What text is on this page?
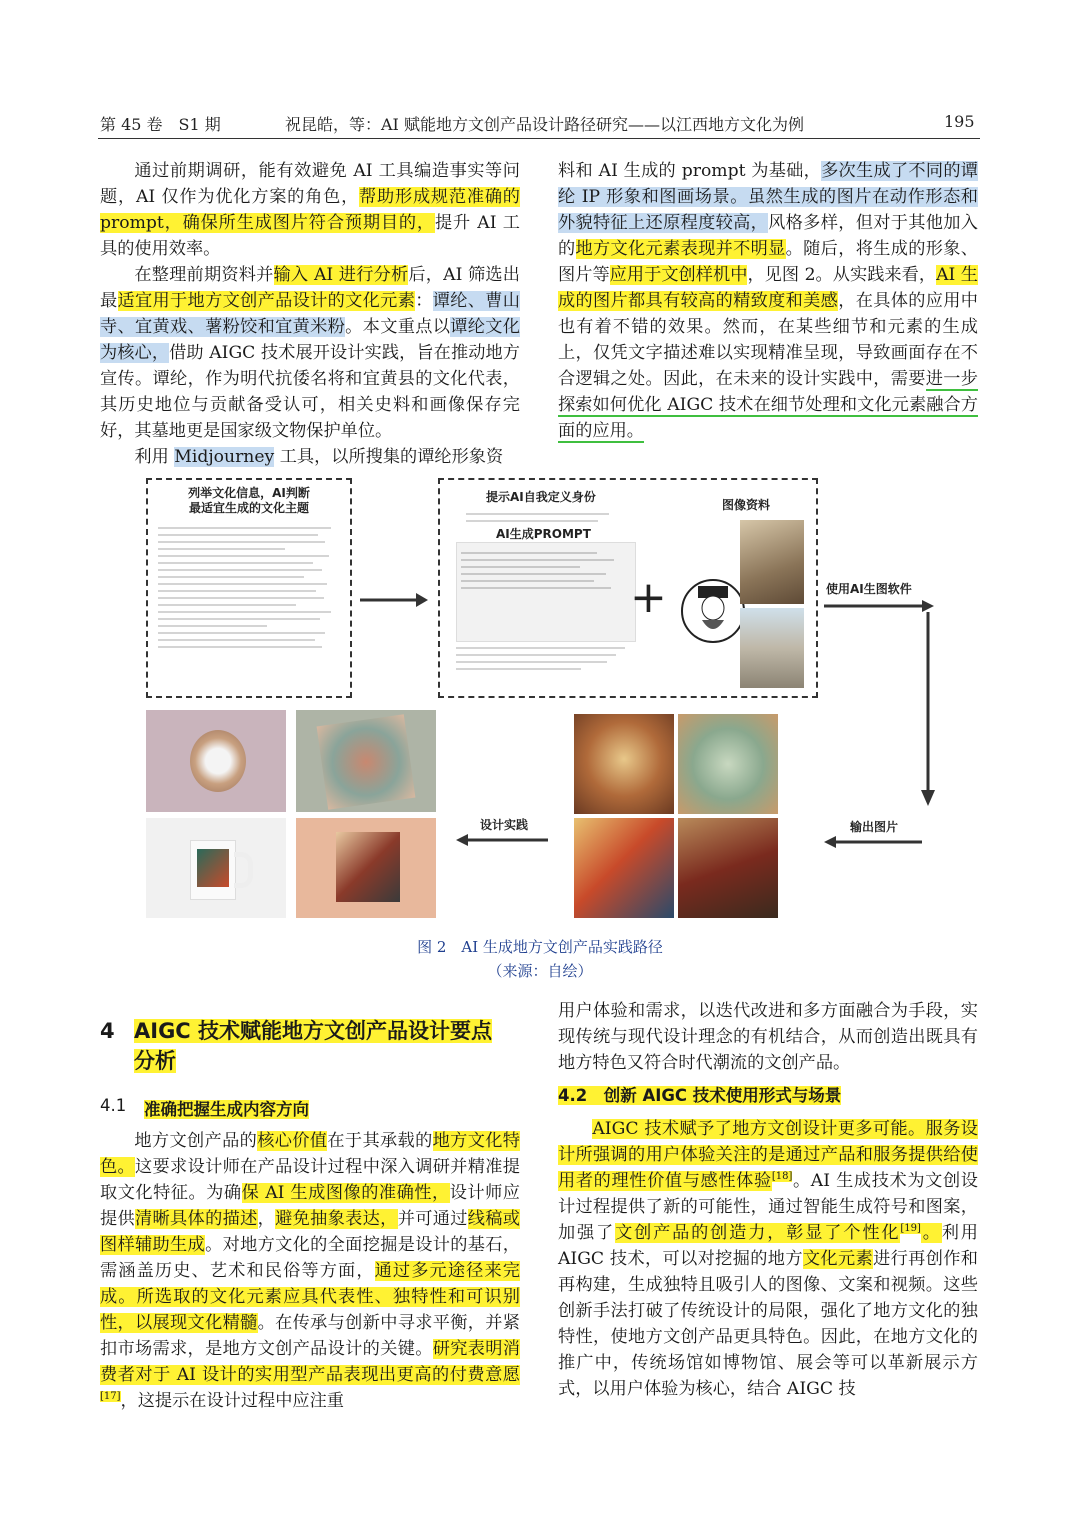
第 45 卷　S1 期	祝昆皓，等：AI 赋能地方文创产品设计路径研究——以江西地方文化为例	195

通过前期调研，能有效避免 AI 工具编造事实等问题，AI 仅作为优化方案的角色，帮助形成规范准确的 prompt，确保所生成图片符合预期目的，提升 AI 工具的使用效率。

在整理前期资料并输入 AI 进行分析后，AI 筛选出最适宜用于地方文创产品设计的文化元素：谭纶、曹山寺、宜黄戏、薯粉饺和宜黄米粉。本文重点以谭纶文化为核心，借助 AIGC 技术展开设计实践，旨在推动地方宣传。谭纶，作为明代抗倭名将和宜黄县的文化代表，其历史地位与贡献备受认可，相关史料和画像保存完好，其墓地更是国家级文物保护单位。

利用 Midjourney 工具，以所搜集的谭纶形象资

料和 AI 生成的 prompt 为基础，多次生成了不同的谭纶 IP 形象和图画场景。虽然生成的图片在动作形态和外貌特征上还原程度较高，风格多样，但对于其他加入的地方文化元素表现并不明显。随后，将生成的形象、图片等应用于文创样机中，见图 2。从实践来看，AI 生成的图片都具有较高的精致度和美感，在具体的应用中也有着不错的效果。然而，在某些细节和元素的生成上，仅凭文字描述难以实现精准呈现，导致画面存在不合逻辑之处。因此，在未来的设计实践中，需要进一步探索如何优化 AIGC 技术在细节处理和文化元素融合方面的应用。

列举文化信息，AI判断
最适宜生成的文化主题
提示AI自我定义身份
AI生成PROMPT
+
图像资料
使用AI生图软件
输出图片
设计实践
图 2　AI 生成地方文创产品实践路径
（来源：自绘）
4 AIGC 技术赋能地方文创产品设计要点分析
4.1 准确把握生成内容方向

地方文创产品的核心价值在于其承载的地方文化特色。这要求设计师在产品设计过程中深入调研并精准提取文化特征。为确保 AI 生成图像的准确性，设计师应提供清晰具体的描述，避免抽象表达，并可通过线稿或图样辅助生成。对地方文化的全面挖掘是设计的基石，需涵盖历史、艺术和民俗等方面，通过多元途径来完成。所选取的文化元素应具代表性、独特性和可识别性，以展现文化精髓。在传承与创新中寻求平衡，并紧扣市场需求，是地方文创产品设计的关键。研究表明消费者对于 AI 设计的实用型产品表现出更高的付费意愿[17]，这提示在设计过程中应注重

用户体验和需求，以迭代改进和多方面融合为手段，实现传统与现代设计理念的有机结合，从而创造出既具有地方特色又符合时代潮流的文创产品。

4.2　 创新 AIGC 技术使用形式与场景

AIGC 技术赋予了地方文创设计更多可能。服务设计所强调的用户体验关注的是通过产品和服务提供给使用者的理性价值与感性体验[18]。AI 生成技术为文创设计过程提供了新的可能性，通过智能生成符号和图案，加强了文创产品的创造力，彰显了个性化[19]。利用 AIGC 技术，可以对挖掘的地方文化元素进行再创作和再构建，生成独特且吸引人的图像、文案和视频。这些创新手法打破了传统设计的局限，强化了地方文化的独特性，使地方文创产品更具特色。因此，在地方文化的推广中，传统场馆如博物馆、展会等可以革新展示方式，以用户体验为核心，结合 AIGC 技
